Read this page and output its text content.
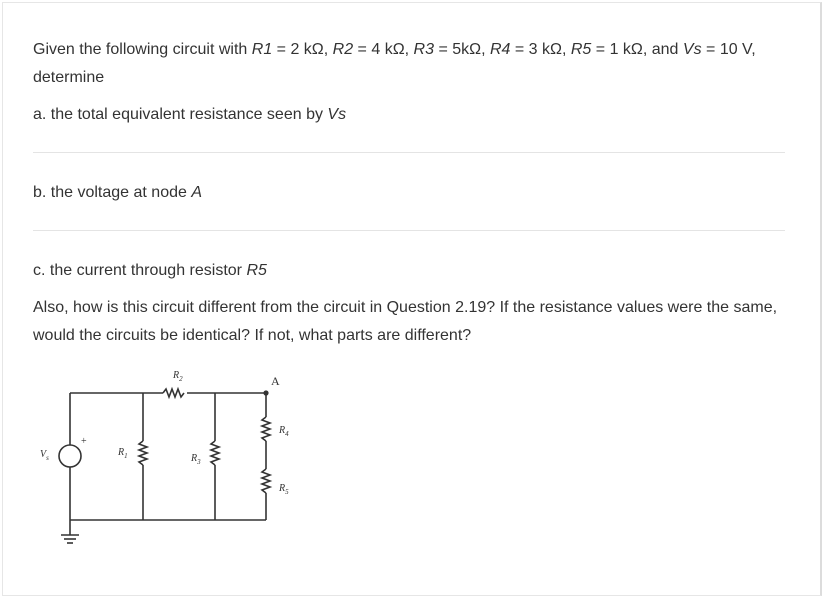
Given the following circuit with R1 = 2 kΩ, R2 = 4 kΩ, R3 = 5kΩ, R4 = 3 kΩ, R5 = 1 kΩ, and Vs = 10 V, determine

a. the total equivalent resistance seen by Vs

b. the voltage at node A

c. the current through resistor R5

Also, how is this circuit different from the circuit in Question 2.19? If the resistance values were the same, would the circuits be identical? If not, what parts are different?

A
+
$V_s$	$R_1$
$R_2$
$R_3$
$R_4$
$R_5$
